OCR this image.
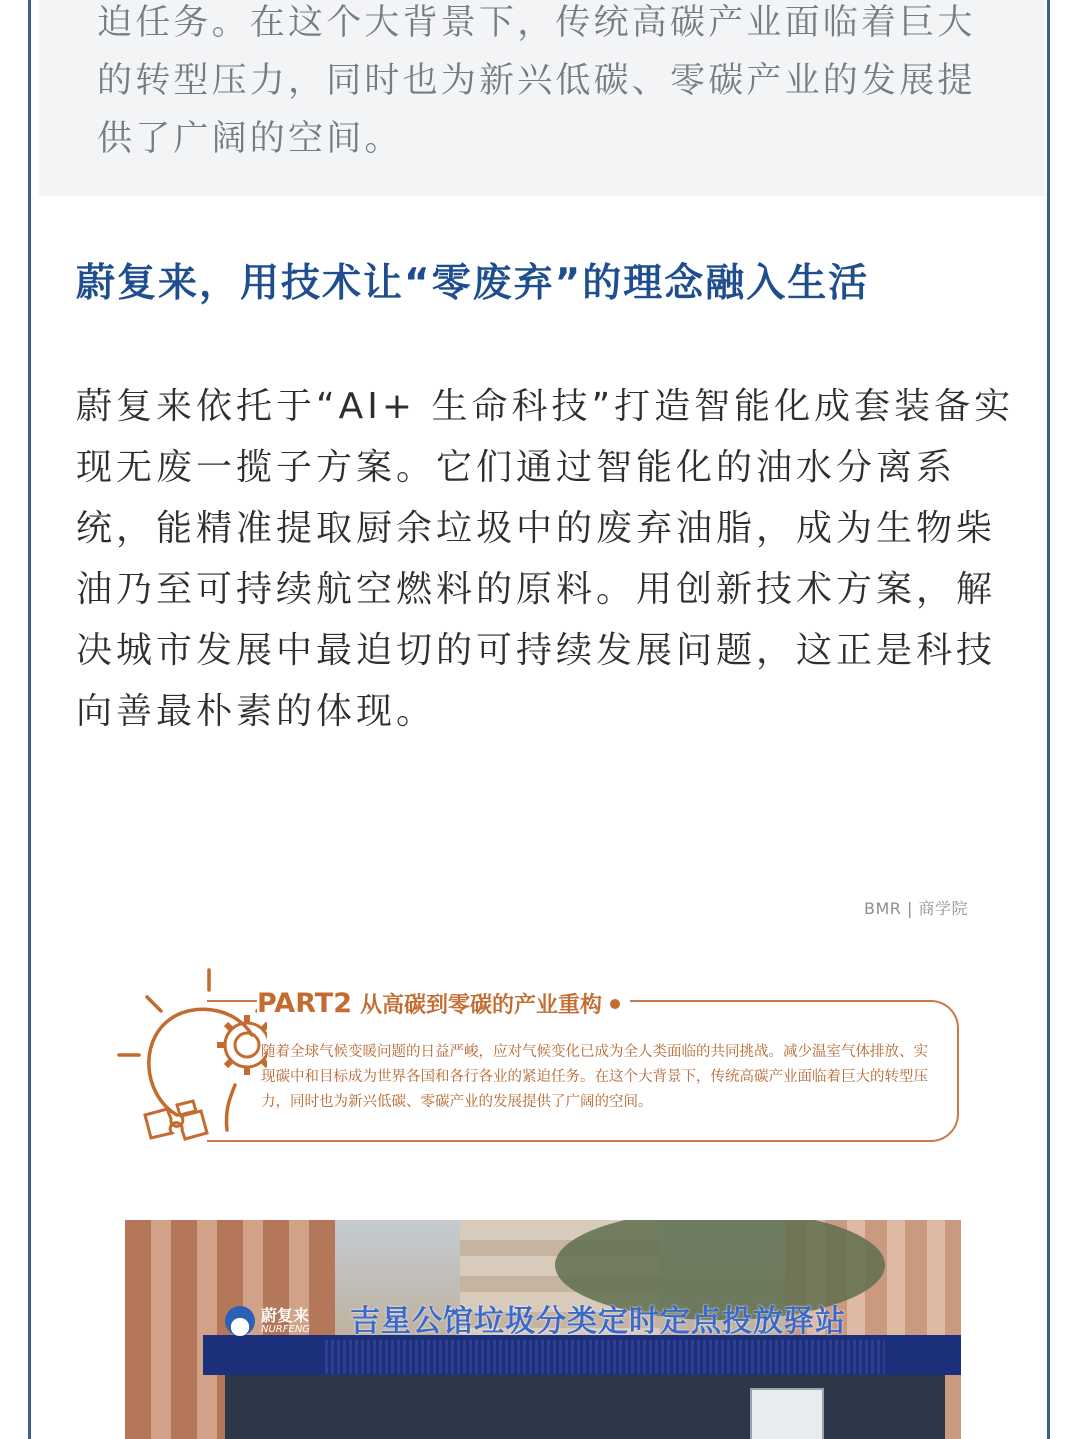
迫任务。在这个大背景下，传统高碳产业面临着巨大的转型压力，同时也为新兴低碳、零碳产业的发展提供了广阔的空间。
蔚复来，用技术让“零废弃”的理念融入生活
蔚复来依托于“AI+ 生命科技”打造智能化成套装备实现无废一揽子方案。它们通过智能化的油水分离系统，能精准提取厨余垃圾中的废弃油脂，成为生物柴油乃至可持续航空燃料的原料。用创新技术方案，解决城市发展中最迫切的可持续发展问题，这正是科技向善最朴素的体现。
BMR | 商学院
PART2 从高碳到零碳的产业重构
随着全球气候变暖问题的日益严峻，应对气候变化已成为全人类面临的共同挑战。减少温室气体排放、实现碳中和目标成为世界各国和各行各业的紧迫任务。在这个大背景下，传统高碳产业面临着巨大的转型压力，同时也为新兴低碳、零碳产业的发展提供了广阔的空间。
蔚复来
NURFENG 吉星公馆垃圾分类定时定点投放驿站
